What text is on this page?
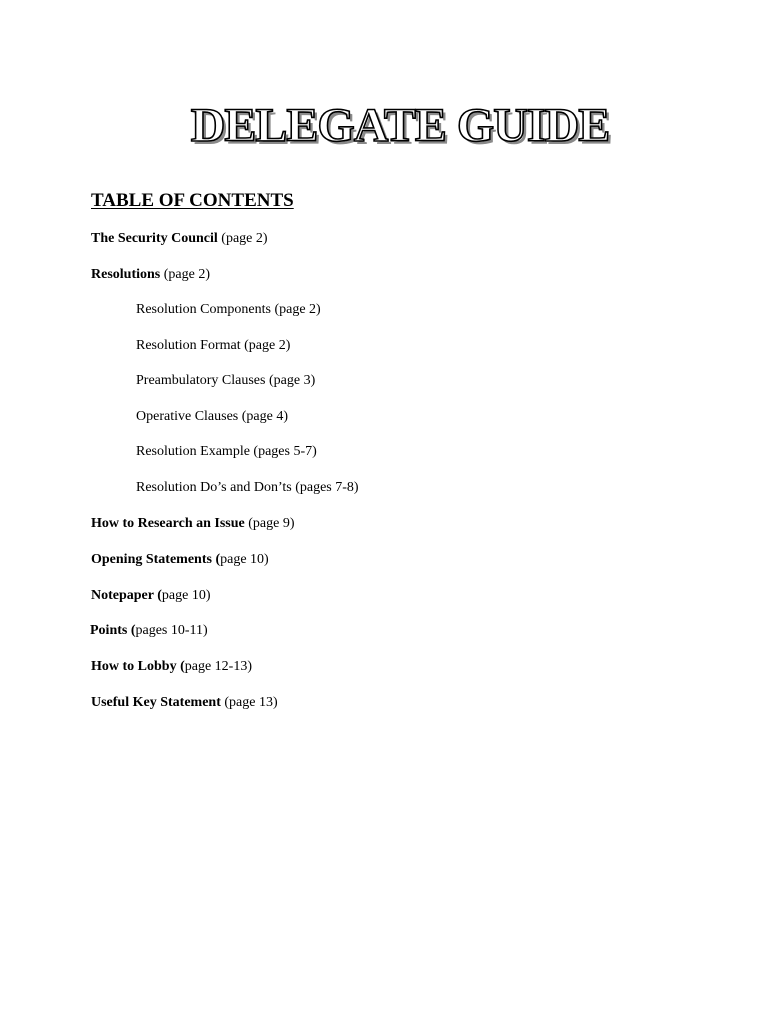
DELEGATE GUIDE
TABLE OF CONTENTS
The Security Council (page 2)
Resolutions (page 2)
Resolution Components (page 2)
Resolution Format (page 2)
Preambulatory Clauses (page 3)
Operative Clauses (page 4)
Resolution Example (pages 5-7)
Resolution Do’s and Don’ts (pages 7-8)
How to Research an Issue (page 9)
Opening Statements (page 10)
Notepaper (page 10)
Points (pages 10-11)
How to Lobby (page 12-13)
Useful Key Statement (page 13)
